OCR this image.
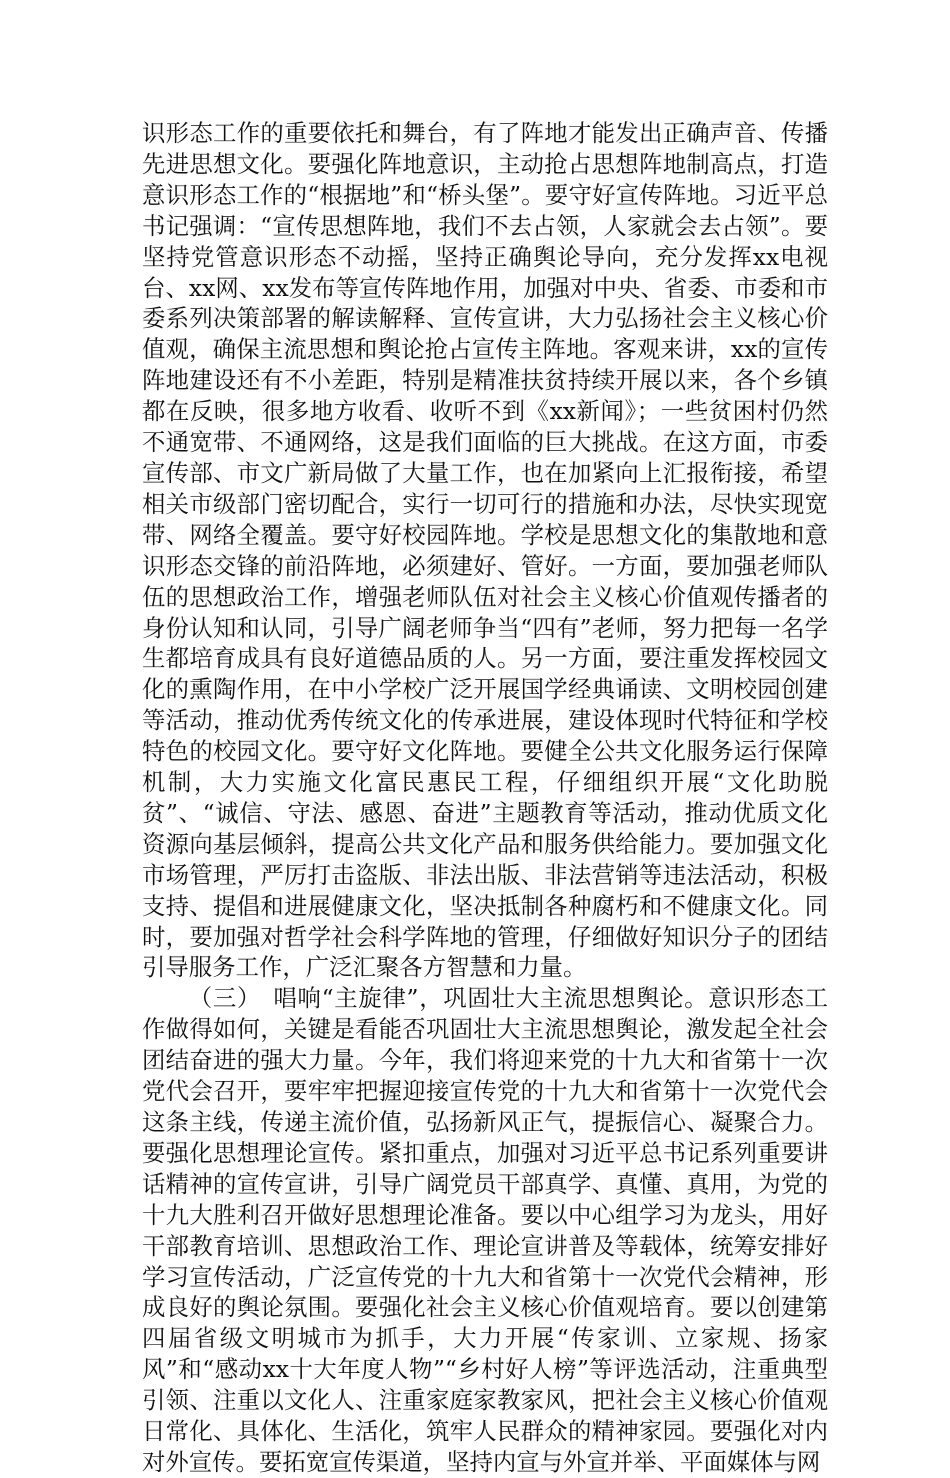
识形态工作的重要依托和舞台，有了阵地才能发出正确声音、传播先进思想文化。要强化阵地意识，主动抢占思想阵地制高点，打造意识形态工作的“根据地”和“桥头堡”。要守好宣传阵地。习近平总书记强调：“宣传思想阵地，我们不去占领，人家就会去占领”。要坚持党管意识形态不动摇，坚持正确舆论导向，充分发挥xx电视台、xx网、xx发布等宣传阵地作用，加强对中央、省委、市委和市委系列决策部署的解读解释、宣传宣讲，大力弘扬社会主义核心价值观，确保主流思想和舆论抢占宣传主阵地。客观来讲，xx的宣传阵地建设还有不小差距，特别是精准扶贫持续开展以来，各个乡镇都在反映，很多地方收看、收听不到《xx新闻》；一些贫困村仍然不通宽带、不通网络，这是我们面临的巨大挑战。在这方面，市委宣传部、市文广新局做了大量工作，也在加紧向上汇报衔接，希望相关市级部门密切配合，实行一切可行的措施和办法，尽快实现宽带、网络全覆盖。要守好校园阵地。学校是思想文化的集散地和意识形态交锋的前沿阵地，必须建好、管好。一方面，要加强老师队伍的思想政治工作，增强老师队伍对社会主义核心价值观传播者的身份认知和认同，引导广阔老师争当“四有”老师，努力把每一名学生都培育成具有良好道德品质的人。另一方面，要注重发挥校园文化的熏陶作用，在中小学校广泛开展国学经典诵读、文明校园创建等活动，推动优秀传统文化的传承进展，建设体现时代特征和学校特色的校园文化。要守好文化阵地。要健全公共文化服务运行保障机制，大力实施文化富民惠民工程，仔细组织开展“文化助脱贫”、“诚信、守法、感恩、奋进”主题教育等活动，推动优质文化资源向基层倾斜，提高公共文化产品和服务供给能力。要加强文化市场管理，严厉打击盗版、非法出版、非法营销等违法活动，积极支持、提倡和进展健康文化，坚决抵制各种腐朽和不健康文化。同时，要加强对哲学社会科学阵地的管理，仔细做好知识分子的团结引导服务工作，广泛汇聚各方智慧和力量。

（三）　唱响“主旋律”，巩固壮大主流思想舆论。意识形态工作做得如何，关键是看能否巩固壮大主流思想舆论，激发起全社会团结奋进的强大力量。今年，我们将迎来党的十九大和省第十一次党代会召开，要牢牢把握迎接宣传党的十九大和省第十一次党代会这条主线，传递主流价值，弘扬新风正气，提振信心、凝聚合力。要强化思想理论宣传。紧扣重点，加强对习近平总书记系列重要讲话精神的宣传宣讲，引导广阔党员干部真学、真懂、真用，为党的十九大胜利召开做好思想理论准备。要以中心组学习为龙头，用好干部教育培训、思想政治工作、理论宣讲普及等载体，统筹安排好学习宣传活动，广泛宣传党的十九大和省第十一次党代会精神，形成良好的舆论氛围。要强化社会主义核心价值观培育。要以创建第四届省级文明城市为抓手，大力开展“传家训、立家规、扬家风”和“感动xx十大年度人物”“乡村好人榜”等评选活动，注重典型引领、注重以文化人、注重家庭家教家风，把社会主义核心价值观日常化、具体化、生活化，筑牢人民群众的精神家园。要强化对内对外宣传。要拓宽宣传渠道，坚持内宣与外宣并举、平面媒体与网
